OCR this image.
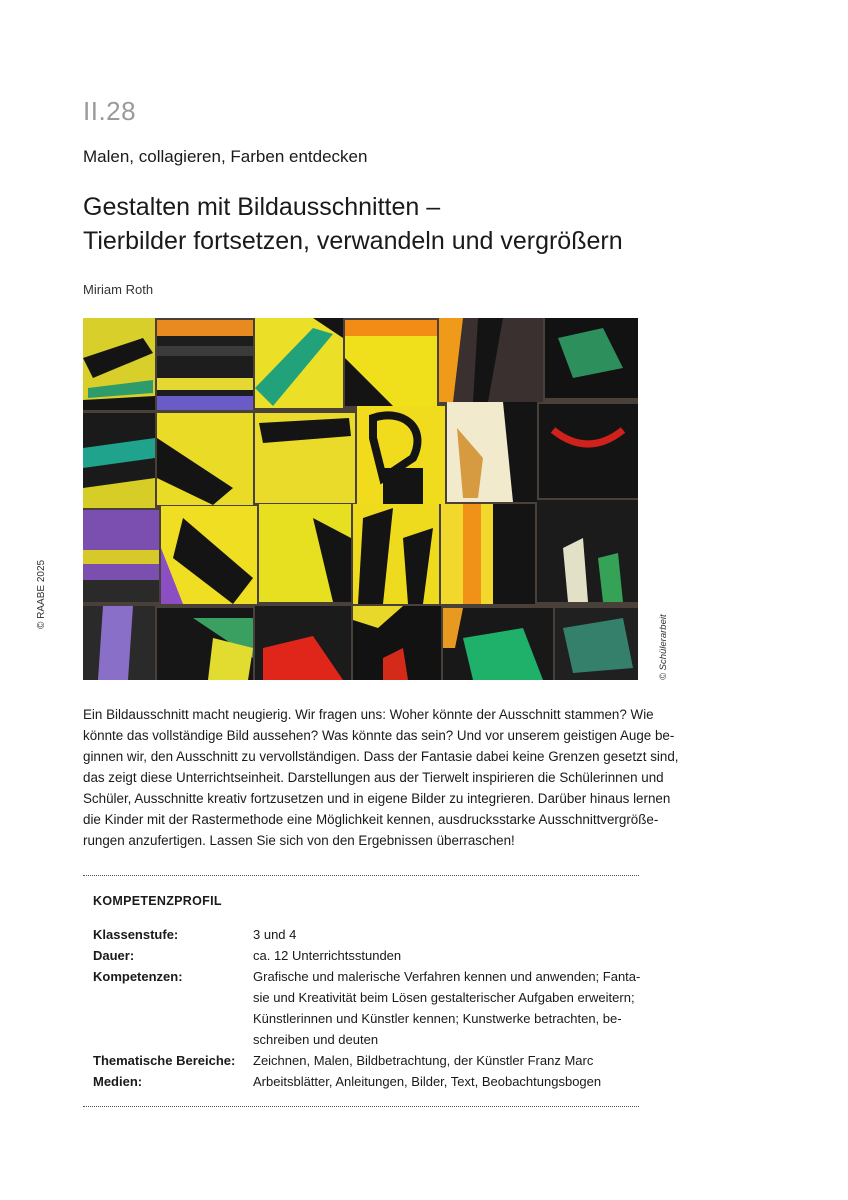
II.28
Malen, collagieren, Farben entdecken
Gestalten mit Bildausschnitten –
Tierbilder fortsetzen, verwandeln und vergrößern
Miriam Roth
© RAABE 2025
© Schülerarbeit
Ein Bildausschnitt macht neugierig. Wir fragen uns: Woher könnte der Ausschnitt stammen? Wie
könnte das vollständige Bild aussehen? Was könnte das sein? Und vor unserem geistigen Auge be-
ginnen wir, den Ausschnitt zu vervollständigen. Dass der Fantasie dabei keine Grenzen gesetzt sind,
das zeigt diese Unterrichtseinheit. Darstellungen aus der Tierwelt inspirieren die Schülerinnen und
Schüler, Ausschnitte kreativ fortzusetzen und in eigene Bilder zu integrieren. Darüber hinaus lernen
die Kinder mit der Rastermethode eine Möglichkeit kennen, ausdrucksstarke Ausschnittvergröße-
rungen anzufertigen. Lassen Sie sich von den Ergebnissen überraschen!
KOMPETENZPROFIL
Klassenstufe:	3 und 4
Dauer:	ca. 12 Unterrichtsstunden
Kompetenzen:	Grafische und malerische Verfahren kennen und anwenden; Fanta-
sie und Kreativität beim Lösen gestalterischer Aufgaben erweitern;
Künstlerinnen und Künstler kennen; Kunstwerke betrachten, be-
schreiben und deuten
Thematische Bereiche:	Zeichnen, Malen, Bildbetrachtung, der Künstler Franz Marc
Medien:	Arbeitsblätter, Anleitungen, Bilder, Text, Beobachtungsbogen
